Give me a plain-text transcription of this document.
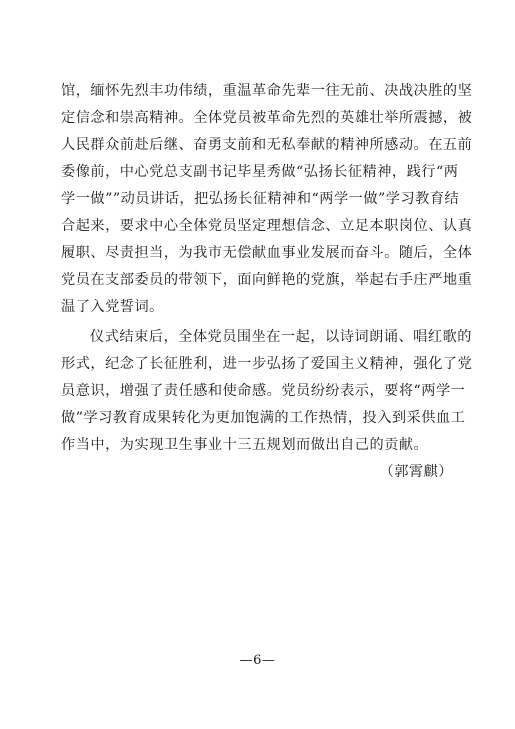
馆，缅怀先烈丰功伟绩，重温革命先辈一往无前、决战决胜的坚
定信念和崇高精神。全体党员被革命先烈的英雄壮举所震撼，被
人民群众前赴后继、奋勇支前和无私奉献的精神所感动。在五前
委像前，中心党总支副书记毕星秀做“弘扬长征精神，践行“两
学一做””动员讲话，把弘扬长征精神和“两学一做”学习教育结
合起来，要求中心全体党员坚定理想信念、立足本职岗位、认真
履职、尽责担当，为我市无偿献血事业发展而奋斗。随后，全体
党员在支部委员的带领下，面向鲜艳的党旗，举起右手庄严地重
温了入党誓词。
仪式结束后，全体党员围坐在一起，以诗词朗诵、唱红歌的
形式，纪念了长征胜利，进一步弘扬了爱国主义精神，强化了党
员意识，增强了责任感和使命感。党员纷纷表示，要将“两学一
做”学习教育成果转化为更加饱满的工作热情，投入到采供血工
作当中，为实现卫生事业十三五规划而做出自己的贡献。
（郭霄麒）
—6—
